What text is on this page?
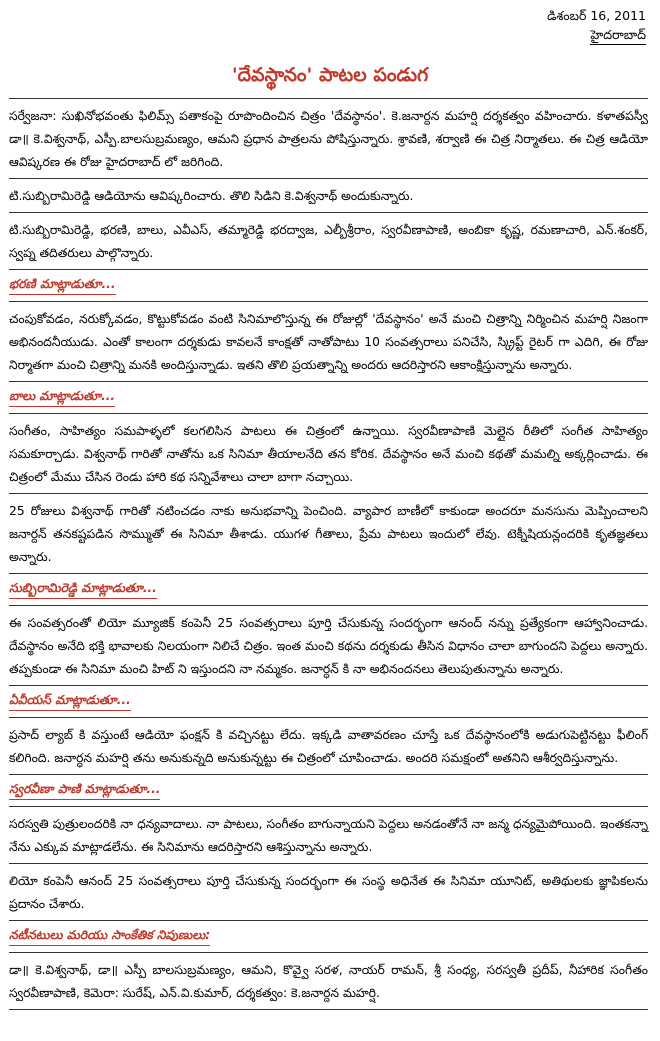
డిశంబర్ 16, 2011
హైదరాబాద్
'దేవస్థానం' పాటల పండుగ

సర్వేజనా: సుఖినోభవంతు ఫిలిమ్స్ పతాకంపై రూపొందించిన చిత్రం 'దేవస్థానం'. కె.జనార్దన మహర్షి దర్శకత్వం వహించారు. కళాతపస్వీ డా॥ కె.విశ్వనాథ్, ఎస్పీ.బాలసుబ్రమణ్యం, ఆమని ప్రధాన పాత్రలను పోషిస్తున్నారు. శ్రావణి, శర్వాణి ఈ చిత్ర నిర్మాతలు. ఈ చిత్ర ఆడియో ఆవిష్కరణ ఈ రోజు హైదరాబాద్ లో జరిగింది.

టి.సుబ్బిరామిరెడ్డి ఆడియోను ఆవిష్కరించారు. తొలి సిడిని కె.విశ్వనాథ్ అందుకున్నారు.

టి.సుబ్బిరామిరెడ్డి, భరణి, బాలు, ఎవీఎస్, తమ్మారెడ్డి భరద్వాజ, ఎల్బీశ్రీరాం, స్వరవీణాపాణి, అంబికా కృష్ణ, రమణాచారి, ఎన్.శంకర్, స్వప్న తదితరులు పాల్గొన్నారు.

భరణి మాట్లాడుతూ...

చంపుకోవడం, నరుక్కోవడం, కొట్టుకోవడం వంటి సినిమాలొస్తున్న ఈ రోజుల్లో 'దేవస్థానం' అనే మంచి చిత్రాన్ని నిర్మించిన మహర్షి నిజంగా అభినందనీయుడు. ఎంతో కాలంగా దర్శకుడు కావలనే కాంక్షతో నాతోపాటు 10 సంవత్సరాలు పనిచేసి, స్క్రిప్ట్ రైటర్ గా ఎదిగి, ఈ రోజు నిర్మాతగా మంచి చిత్రాన్ని మనకి అందిస్తున్నాడు. ఇతని తొలి ప్రయత్నాన్ని అందరు ఆదరిస్తారని ఆకాంక్షిస్తున్నాను అన్నారు.

బాలు మాట్లాడుతూ...

సంగీతం, సాహిత్యం సమపాళ్ళలో కలగలిసిన పాటలు ఈ చిత్రంలో ఉన్నాయి. స్వరవీణాపాణి మెల్లైన రీతిలో సంగీత సాహిత్యం సమకూర్చాడు. విశ్వనాథ్ గారితో నాతోను ఒక సినిమా తీయాలనేది తన కోరిక. దేవస్థానం అనే మంచి కథతో మమల్ని అక్కర్లించాడు. ఈ చిత్రంలో మేము చేసిన రెండు హారి కథ సన్నివేశాలు చాలా బాగా నచ్చాయి.

25 రోజులు విశ్వనాథ్ గారితో నటించడం నాకు అనుభవాన్ని పెంచింది. వ్యాపార బాణీలో కాకుండా అందరూ మనసును మెప్పించాలని జనార్దన్ తనకష్టపడిన సొమ్ముతో ఈ సినిమా తీశాడు. యుగళ గీతాలు, ప్రేమ పాటలు ఇందులో లేవు. టెక్నీషియన్లందరికి కృతజ్ఞతలు అన్నారు.

సుబ్బిరామిరెడ్డి మాట్లాడుతూ...

ఈ సంవత్సరంతో లియో మ్యూజిక్ కంపెనీ 25 సంవత్సరాలు పూర్తి చేసుకున్న సందర్భంగా ఆనంద్ నన్ను ప్రత్యేకంగా ఆహ్వానించాడు. దేవస్థానం అనేది భక్తి భావాలకు నిలయంగా నిలిచే చిత్రం. ఇంత మంచి కథను దర్శకుడు తీసిన విధానం చాలా బాగుందని పెద్దలు అన్నారు. తప్పకుండా ఈ సినిమా మంచి హిట్ ని ఇస్తుందని నా నమ్మకం. జనార్ధన్ కి నా అభినందనలు తెలుపుతున్నాను అన్నారు.

ఏవీయస్ మాట్లాడుతూ...

ప్రసాద్ ల్యాబ్ కి వస్తుంటే ఆడియో ఫంక్షన్ కి వచ్చినట్టు లేదు. ఇక్కడి వాతావరణం చూస్తే ఒక దేవస్థానంలోకి అడుగుపెట్టినట్టు ఫీలింగ్ కలిగింది. జనార్ధన మహర్షి తను అనుకున్నది అనుకున్నట్టు ఈ చిత్రంలో చూపించాడు. అందరి సమక్షంలో అతనిని ఆశీర్వదిస్తున్నాను.

స్వరవీణా పాణి మాట్లాడుతూ...

సరస్వతి పుత్రులందరికి నా ధన్యవాదాలు. నా పాటలు, సంగీతం బాగున్నాయని పెద్దలు అనడంతోనే నా జన్మ ధన్యమైపోయింది. ఇంతకన్నా నేను ఎక్కువ మాట్లాడలేను. ఈ సినిమాను ఆదరిస్తారని ఆశిస్తున్నాను అన్నారు.

లియో కంపెనీ ఆనంద్ 25 సంవత్సరాలు పూర్తి చేసుకున్న సందర్భంగా ఈ సంస్థ అధినేత ఈ సినిమా యూనిట్, అతిథులకు జ్ఞాపికలను ప్రదానం చేశారు.

నటీనటులు మరియు సాంకేతిక నిపుణులు:

డా॥ కె.విశ్వనాథ్, డా॥ ఎస్పీ బాలసుబ్రమణ్యం, ఆమని, కొవ్వై సరళ, నాయర్ రామన్, శ్రీ సంధ్య, సరస్వతీ ప్రదీప్, నీహారిక సంగీతం స్వరవీణాపాణి, కెమెరా: సురేష్, ఎన్.వి.కుమార్, దర్శకత్వం: కె.జనార్దన మహర్షి.
